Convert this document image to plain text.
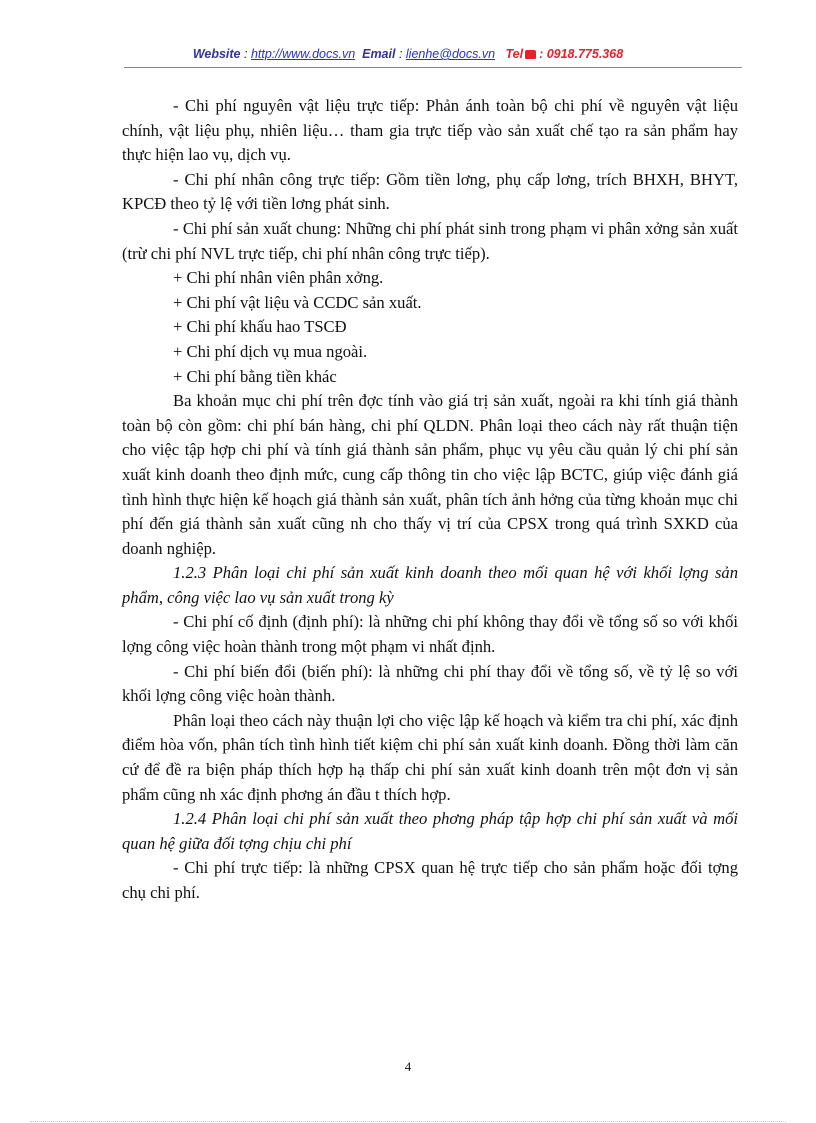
Website : http://www.docs.vn Email : lienhe@docs.vn Tel : 0918.775.368

- Chi phí nguyên vật liệu trực tiếp: Phản ánh toàn bộ chi phí về nguyên vật liệu chính, vật liệu phụ, nhiên liệu… tham gia trực tiếp vào sản xuất chế tạo ra sản phẩm hay thực hiện lao vụ, dịch vụ.

- Chi phí nhân công trực tiếp: Gồm tiền lơng, phụ cấp lơng, trích BHXH, BHYT, KPCĐ theo tỷ lệ với tiền lơng phát sinh.

- Chi phí sản xuất chung: Những chi phí phát sinh trong phạm vi phân xởng sản xuất (trừ chi phí NVL trực tiếp, chi phí nhân công trực tiếp).

+ Chi phí nhân viên phân xởng.

+ Chi phí vật liệu và CCDC sản xuất.

+ Chi phí khấu hao TSCĐ

+ Chi phí dịch vụ mua ngoài.

+ Chi phí bằng tiền khác

Ba khoản mục chi phí trên đợc tính vào giá trị sản xuất, ngoài ra khi tính giá thành toàn bộ còn gồm: chi phí bán hàng, chi phí QLDN. Phân loại theo cách này rất thuận tiện cho việc tập hợp chi phí và tính giá thành sản phẩm, phục vụ yêu cầu quản lý chi phí sản xuất kinh doanh theo định mức, cung cấp thông tin cho việc lập BCTC, giúp việc đánh giá tình hình thực hiện kế hoạch giá thành sản xuất, phân tích ảnh hởng của từng khoản mục chi phí đến giá thành sản xuất cũng nh cho thấy vị trí của CPSX trong quá trình SXKD của doanh nghiệp.

1.2.3 Phân loại chi phí sản xuất kinh doanh theo mối quan hệ với khối lợng sản phẩm, công việc lao vụ sản xuất trong kỳ

- Chi phí cố định (định phí): là những chi phí không thay đổi về tổng số so với khối lợng công việc hoàn thành trong một phạm vi nhất định.

- Chi phí biến đổi (biến phí): là những chi phí thay đổi về tổng số, về tỷ lệ so với khối lợng công việc hoàn thành.

Phân loại theo cách này thuận lợi cho việc lập kế hoạch và kiểm tra chi phí, xác định điểm hòa vốn, phân tích tình hình tiết kiệm chi phí sản xuất kinh doanh. Đồng thời làm căn cứ để đề ra biện pháp thích hợp hạ thấp chi phí sản xuất kinh doanh trên một đơn vị sản phẩm cũng nh xác định phơng án đầu t thích hợp.

1.2.4 Phân loại chi phí sản xuất theo phơng pháp tập hợp chi phí sản xuất và mối quan hệ giữa đối tợng chịu chi phí

- Chi phí trực tiếp: là những CPSX quan hệ trực tiếp cho sản phẩm hoặc đối tợng chụ chi phí.

4
